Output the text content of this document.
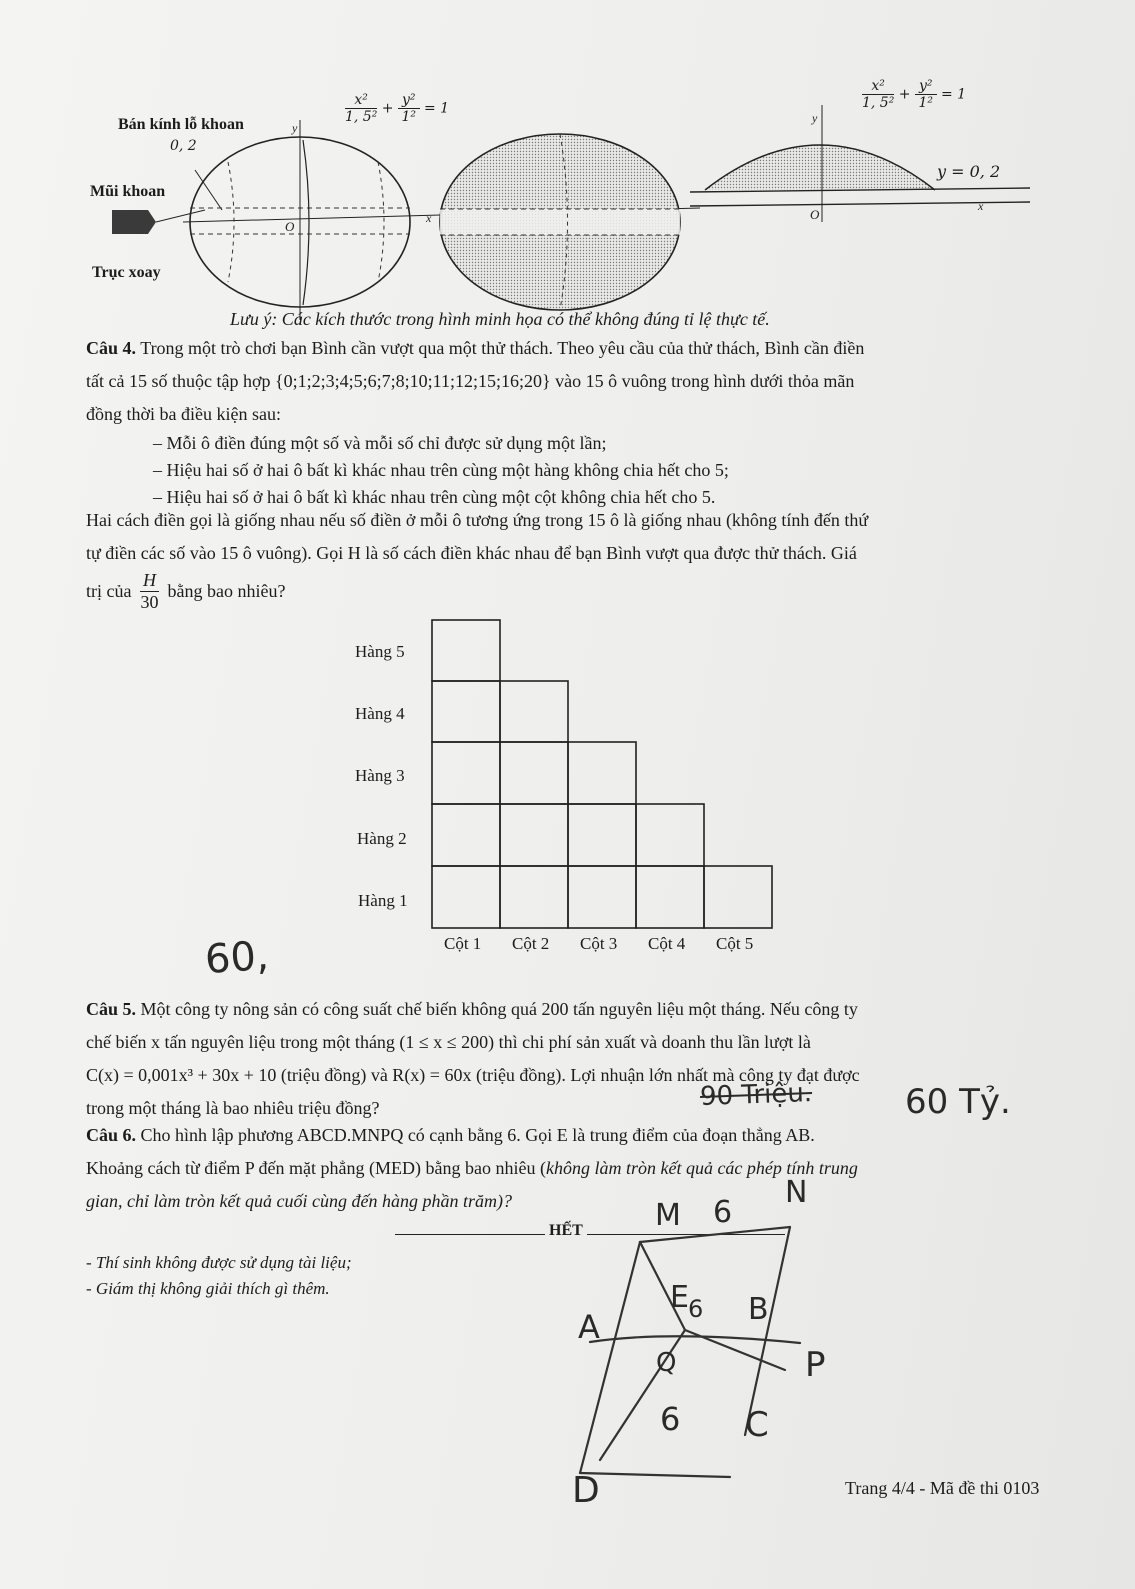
Bán kính lỗ khoan
0, 2
Mũi khoan
Trục xoay
$\frac{\text{x²}}{\text{1, 5²}} + \frac{\text{y²}}{\text{1²}} = 1$	$\frac{\text{x²}}{\text{1, 5²}} + \frac{\text{y²}}{\text{1²}} = 1$
y = 0, 2
O
y
x
y
O
x
Lưu ý: Các kích thước trong hình minh họa có thể không đúng tỉ lệ thực tế.
Câu 4. Trong một trò chơi bạn Bình cần vượt qua một thử thách. Theo yêu cầu của thử thách, Bình cần điền
tất cả 15 số thuộc tập hợp {0;1;2;3;4;5;6;7;8;10;11;12;15;16;20} vào 15 ô vuông trong hình dưới thỏa mãn
đồng thời ba điều kiện sau:
– Mỗi ô điền đúng một số và mỗi số chỉ được sử dụng một lần;
– Hiệu hai số ở hai ô bất kì khác nhau trên cùng một hàng không chia hết cho 5;
– Hiệu hai số ở hai ô bất kì khác nhau trên cùng một cột không chia hết cho 5.
Hai cách điền gọi là giống nhau nếu số điền ở mỗi ô tương ứng trong 15 ô là giống nhau (không tính đến thứ
tự điền các số vào 15 ô vuông). Gọi H là số cách điền khác nhau để bạn Bình vượt qua được thử thách. Giá
trị của $\frac{H}{30}$ bằng bao nhiêu?
Hàng 5
Hàng 4
Hàng 3
Hàng 2
Hàng 1
Cột 1 Cột 2 Cột 3 Cột 4 Cột 5
60,
Câu 5. Một công ty nông sản có công suất chế biến không quá 200 tấn nguyên liệu một tháng. Nếu công ty
chế biến x tấn nguyên liệu trong một tháng (1 ≤ x ≤ 200) thì chi phí sản xuất và doanh thu lần lượt là
C(x) = 0,001x³ + 30x + 10 (triệu đồng) và R(x) = 60x (triệu đồng). Lợi nhuận lớn nhất mà công ty đạt được
trong một tháng là bao nhiêu triệu đồng?	90 Triệu.	60 Tỷ.
Câu 6. Cho hình lập phương ABCD.MNPQ có cạnh bằng 6. Gọi E là trung điểm của đoạn thẳng AB.
Khoảng cách từ điểm P đến mặt phẳng (MED) bằng bao nhiêu (không làm tròn kết quả các phép tính trung
gian, chỉ làm tròn kết quả cuối cùng đến hàng phần trăm)?
HẾT
- Thí sinh không được sử dụng tài liệu;
- Giám thị không giải thích gì thêm.
M 6
N
A
E 6 B
Q	P
6 C
D	Trang 4/4 - Mã đề thi 0103
